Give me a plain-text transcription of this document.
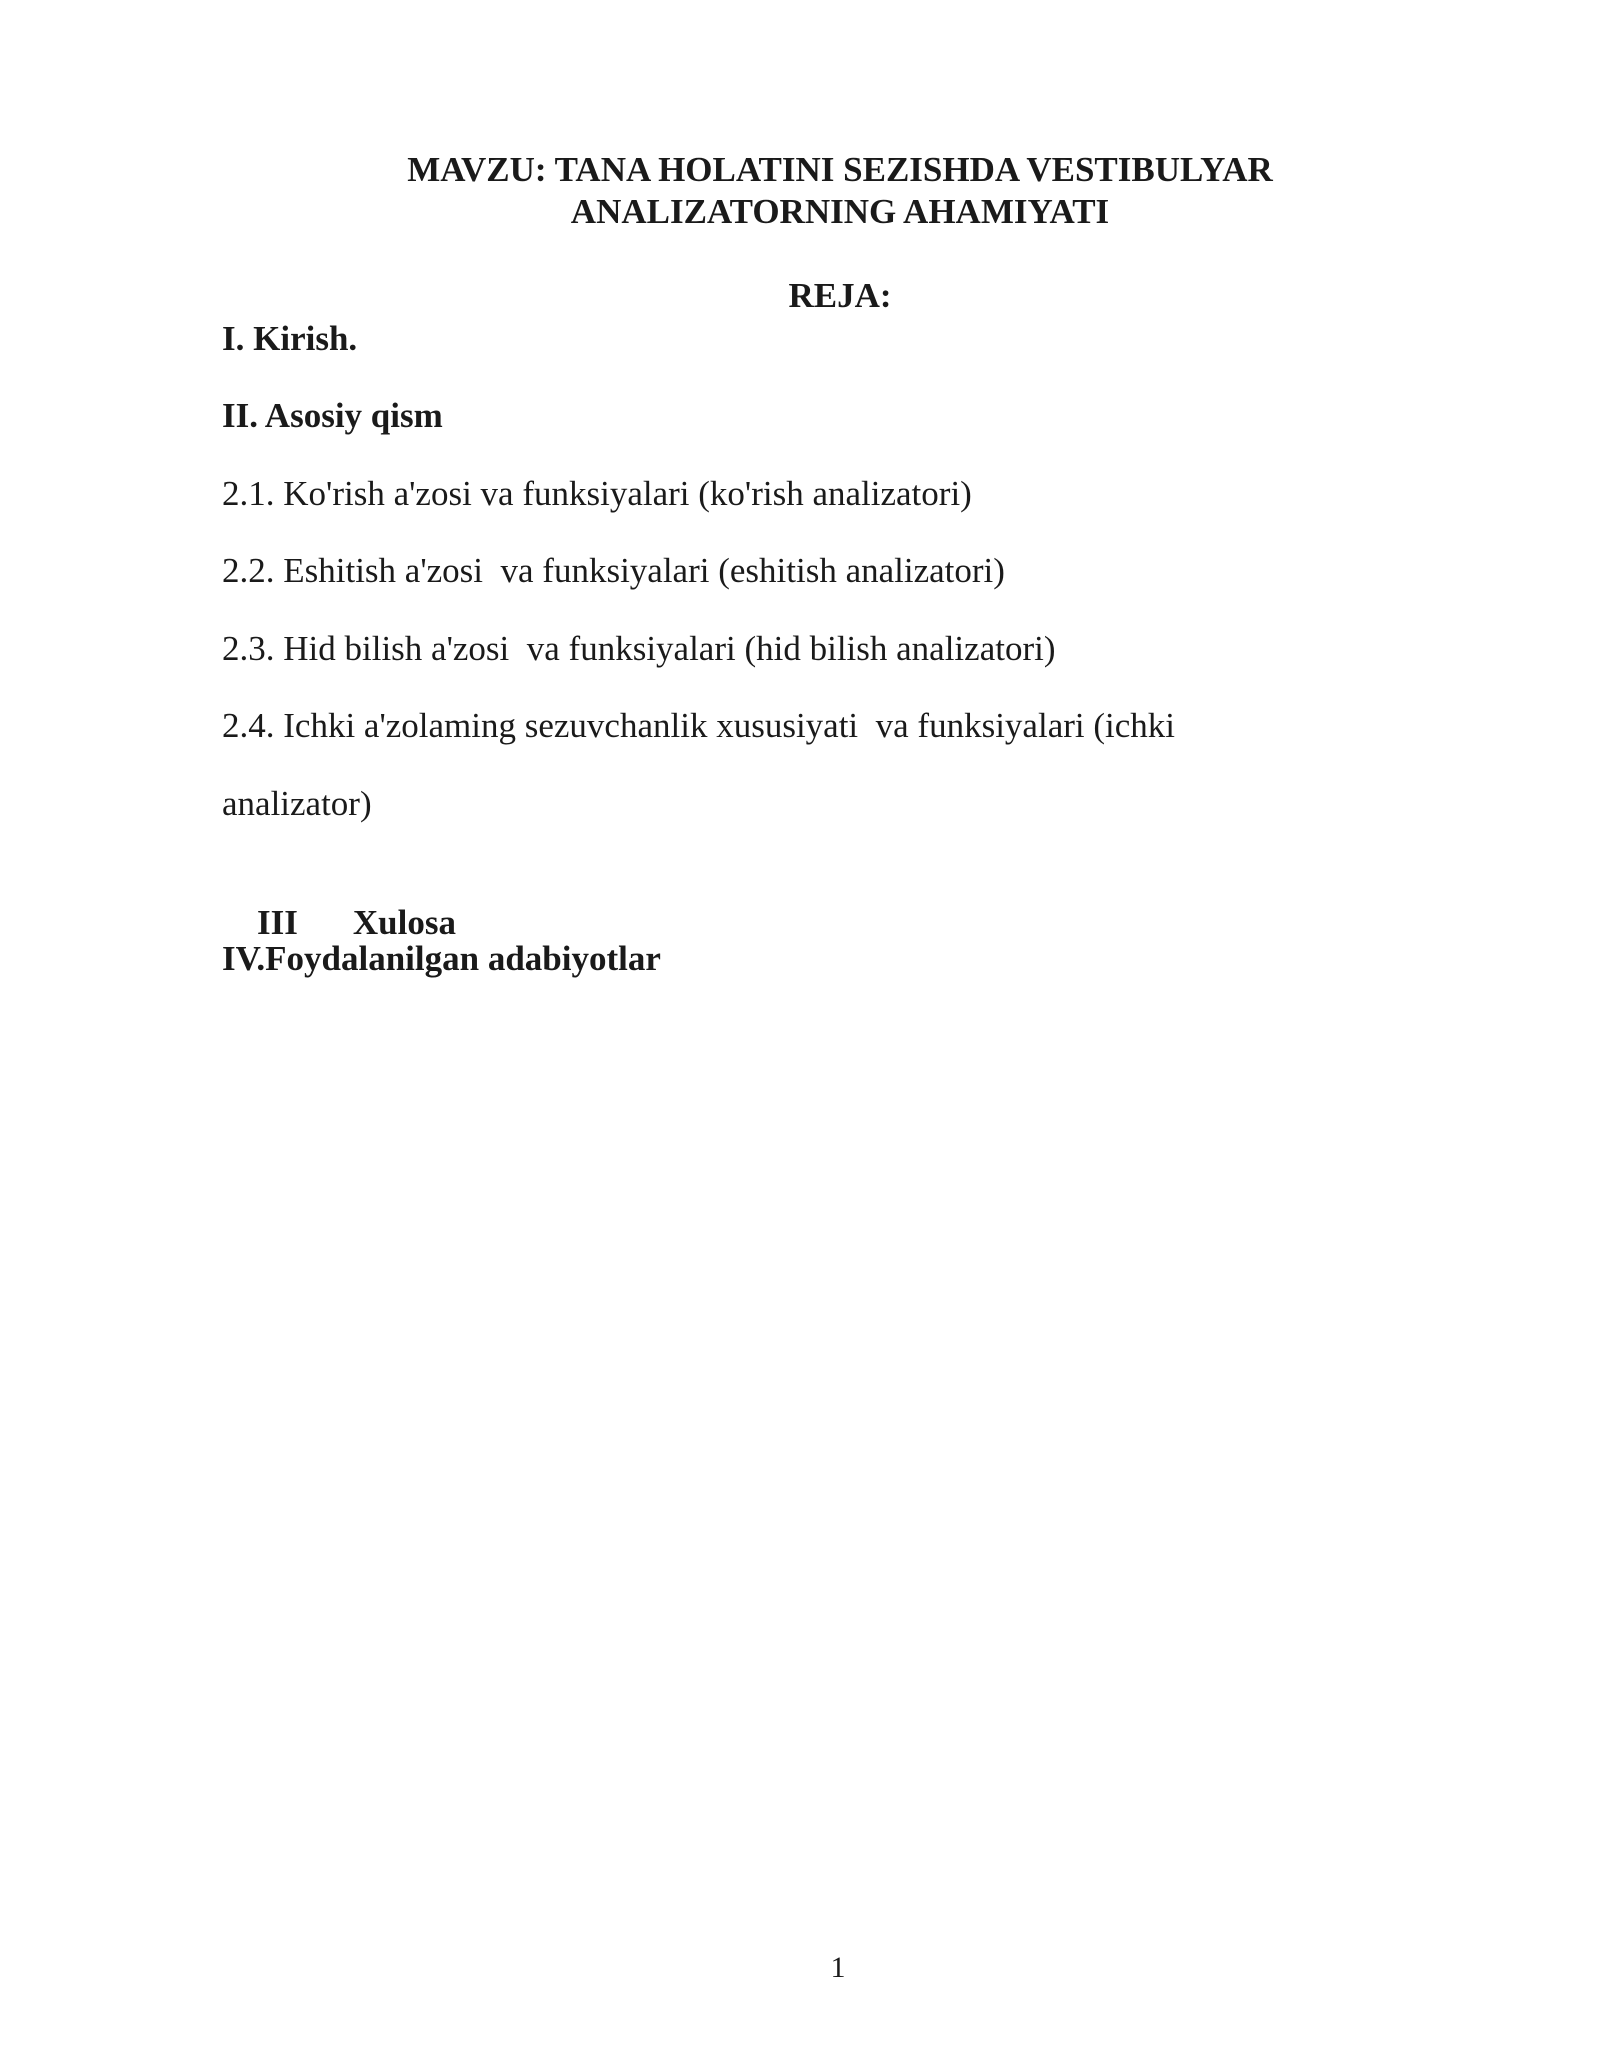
MAVZU: TANA HOLATINI SEZISHDA VESTIBULYAR
ANALIZATORNING AHAMIYATI
REJA:
I. Kirish.
II. Asosiy qism
2.1. Ko'rish a'zosi va funksiyalari (ko'rish analizatori)
2.2. Eshitish a'zosi  va funksiyalari (eshitish analizatori)
2.3. Hid bilish a'zosi  va funksiyalari (hid bilish analizatori)
2.4. Ichki a'zolaming sezuvchanlik xususiyati  va funksiyalari (ichki
analizator)

III Xulosa

IV.Foydalanilgan adabiyotlar
1
